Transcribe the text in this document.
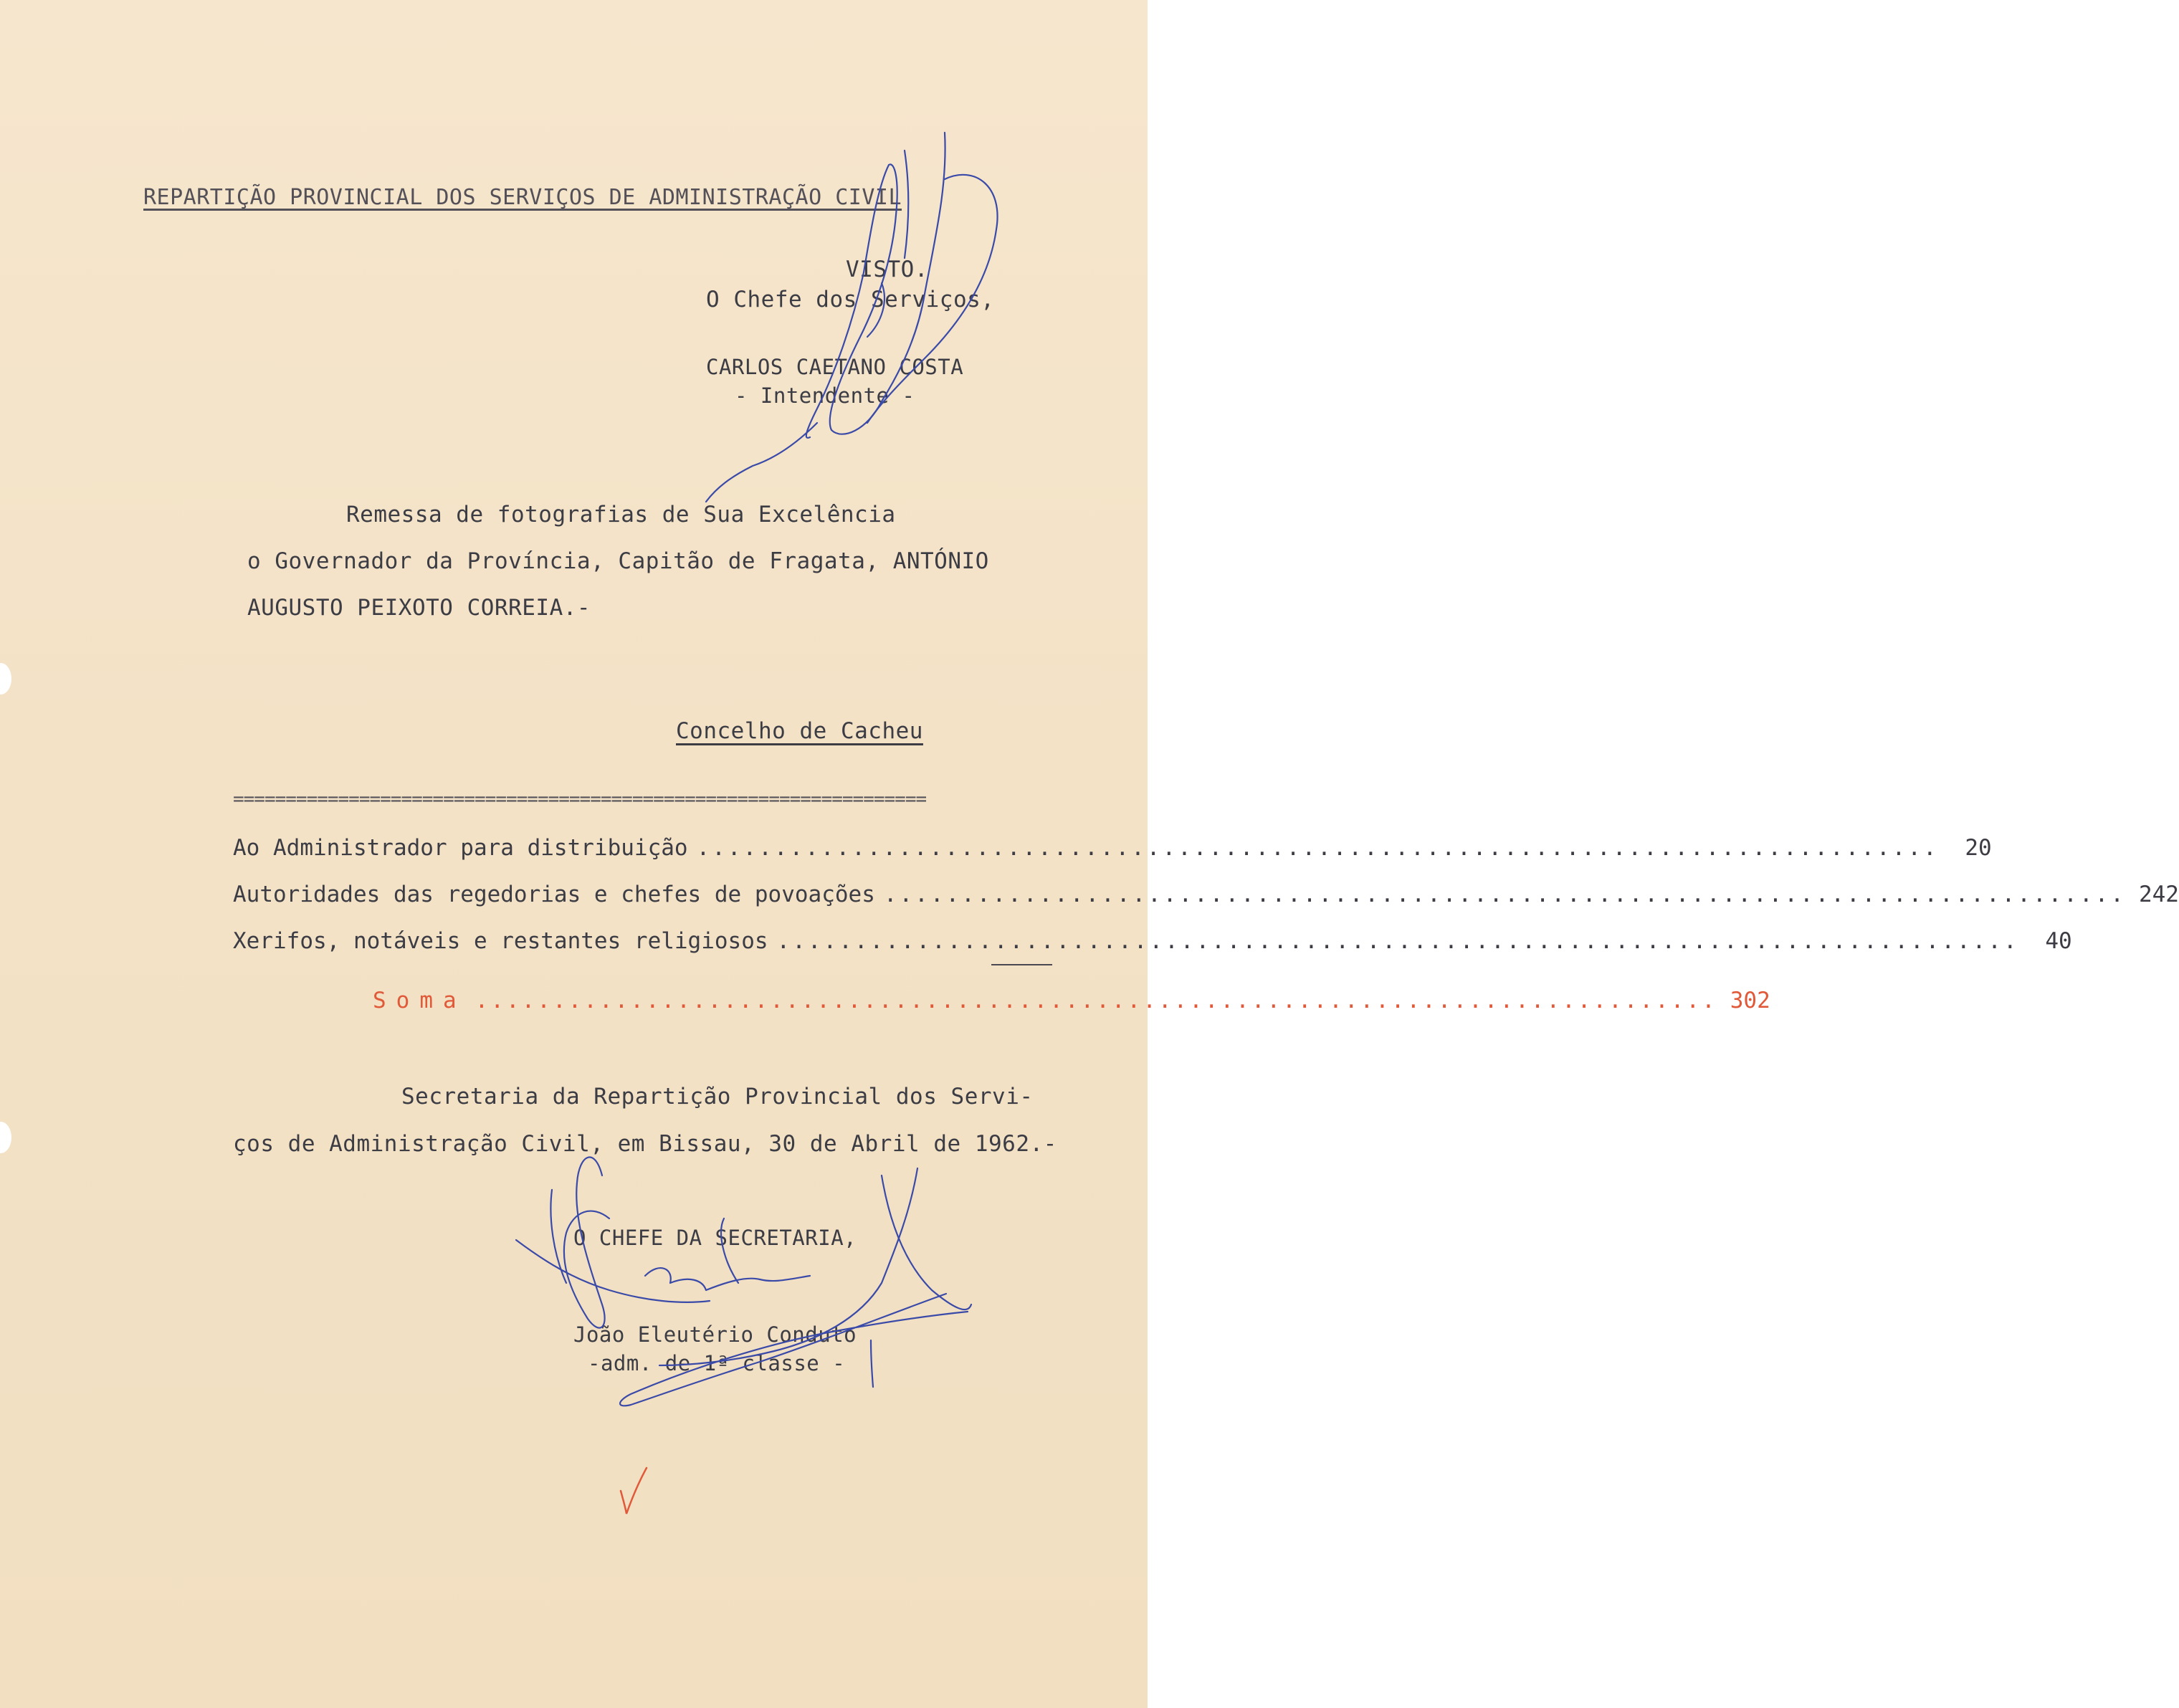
REPARTIÇÃO PROVINCIAL DOS SERVIÇOS DE ADMINISTRAÇÃO CIVIL
VISTO.
O Chefe dos Serviços,
CARLOS CAETANO COSTA
- Intendente -
Remessa de fotografias de Sua Excelência
o Governador da Província, Capitão de Fragata, ANTÓNIO
AUGUSTO PEIXOTO CORREIA.-
Concelho de Cacheu
==================================================================
Ao Administrador para distribuição ................................................................................	20
Autoridades das regedorias e chefes de povoações ................................................................................ 242
Xerifos, notáveis e restantes religiosos ................................................................................	40
Soma ................................................................................ 302
Secretaria da Repartição Provincial dos Servi-
ços de Administração Civil, em Bissau, 30 de Abril de 1962.-
O CHEFE DA SECRETARIA,
João Eleutério Conduto
-adm. de 1ª classe -
